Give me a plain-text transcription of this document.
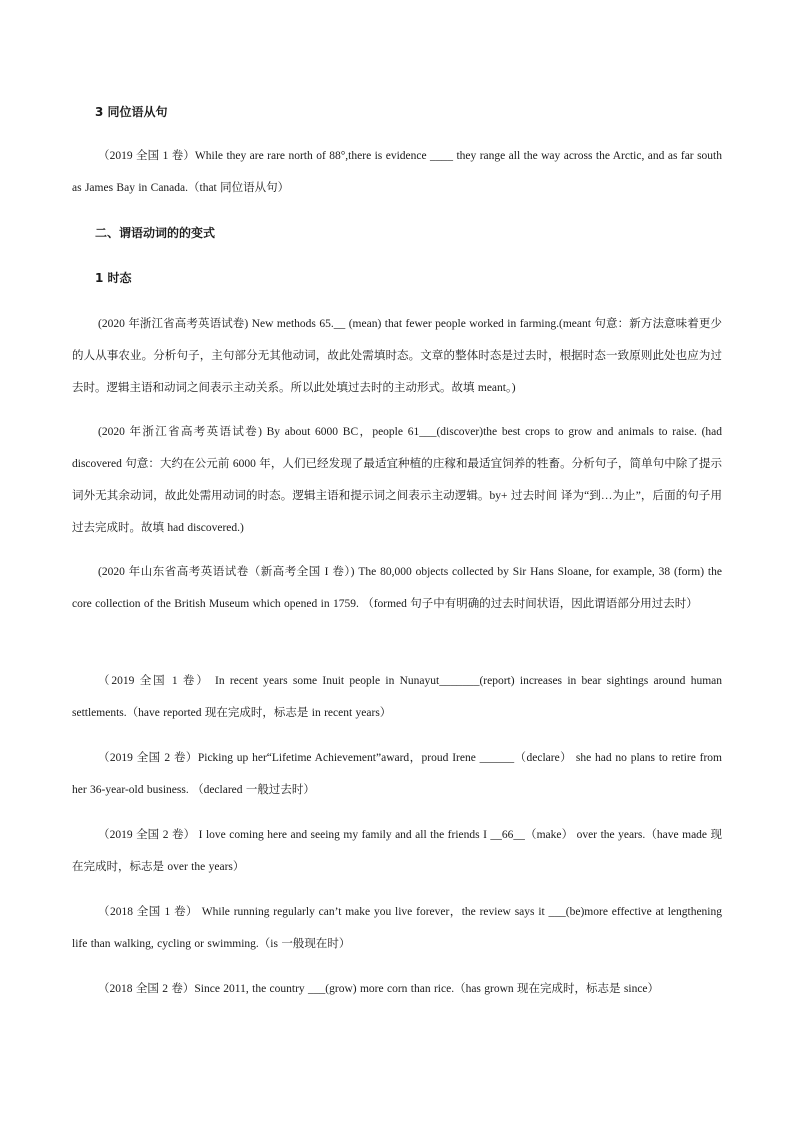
3 同位语从句
（2019 全国 1 卷）While they are rare north of 88°,there is evidence ____ they range all the way across the Arctic, and as far south as James Bay in Canada.（that 同位语从句）
二、谓语动词的的变式
1 时态
(2020 年浙江省高考英语试卷) New methods 65.__ (mean) that fewer people worked in farming.(meant 句意：新方法意味着更少的人从事农业。分析句子，主句部分无其他动词，故此处需填时态。文章的整体时态是过去时，根据时态一致原则此处也应为过去时。逻辑主语和动词之间表示主动关系。所以此处填过去时的主动形式。故填 meant。)
(2020 年浙江省高考英语试卷) By about 6000 BC，people 61___(discover)the best crops to grow and animals to raise. (had discovered 句意：大约在公元前 6000 年，人们已经发现了最适宜种植的庄稼和最适宜饲养的牲畜。分析句子，简单句中除了提示词外无其余动词，故此处需用动词的时态。逻辑主语和提示词之间表示主动逻辑。by+ 过去时间 译为“到…为止”，后面的句子用过去完成时。故填 had discovered.)
(2020 年山东省高考英语试卷（新高考全国 I 卷）) The 80,000 objects collected by Sir Hans Sloane, for example, 38 (form) the core collection of the British Museum which opened in 1759. （formed 句子中有明确的过去时间状语，因此谓语部分用过去时）
（2019 全国 1 卷） In recent years some Inuit people in Nunayut_______(report) increases in bear sightings around human settlements.（have reported 现在完成时，标志是 in recent years）
（2019 全国 2 卷）Picking up her“Lifetime Achievement”award，proud Irene ______（declare） she had no plans to retire from her 36-year-old business. （declared 一般过去时）
（2019 全国 2 卷） I love coming here and seeing my family and all the friends I __66__（make） over the years.（have made 现在完成时，标志是 over the years）
（2018 全国 1 卷） While running regularly can’t make you live forever，the review says it ___(be)more effective at lengthening life than walking, cycling or swimming.（is 一般现在时）
（2018 全国 2 卷）Since 2011, the country ___(grow) more corn than rice.（has grown 现在完成时，标志是 since）
